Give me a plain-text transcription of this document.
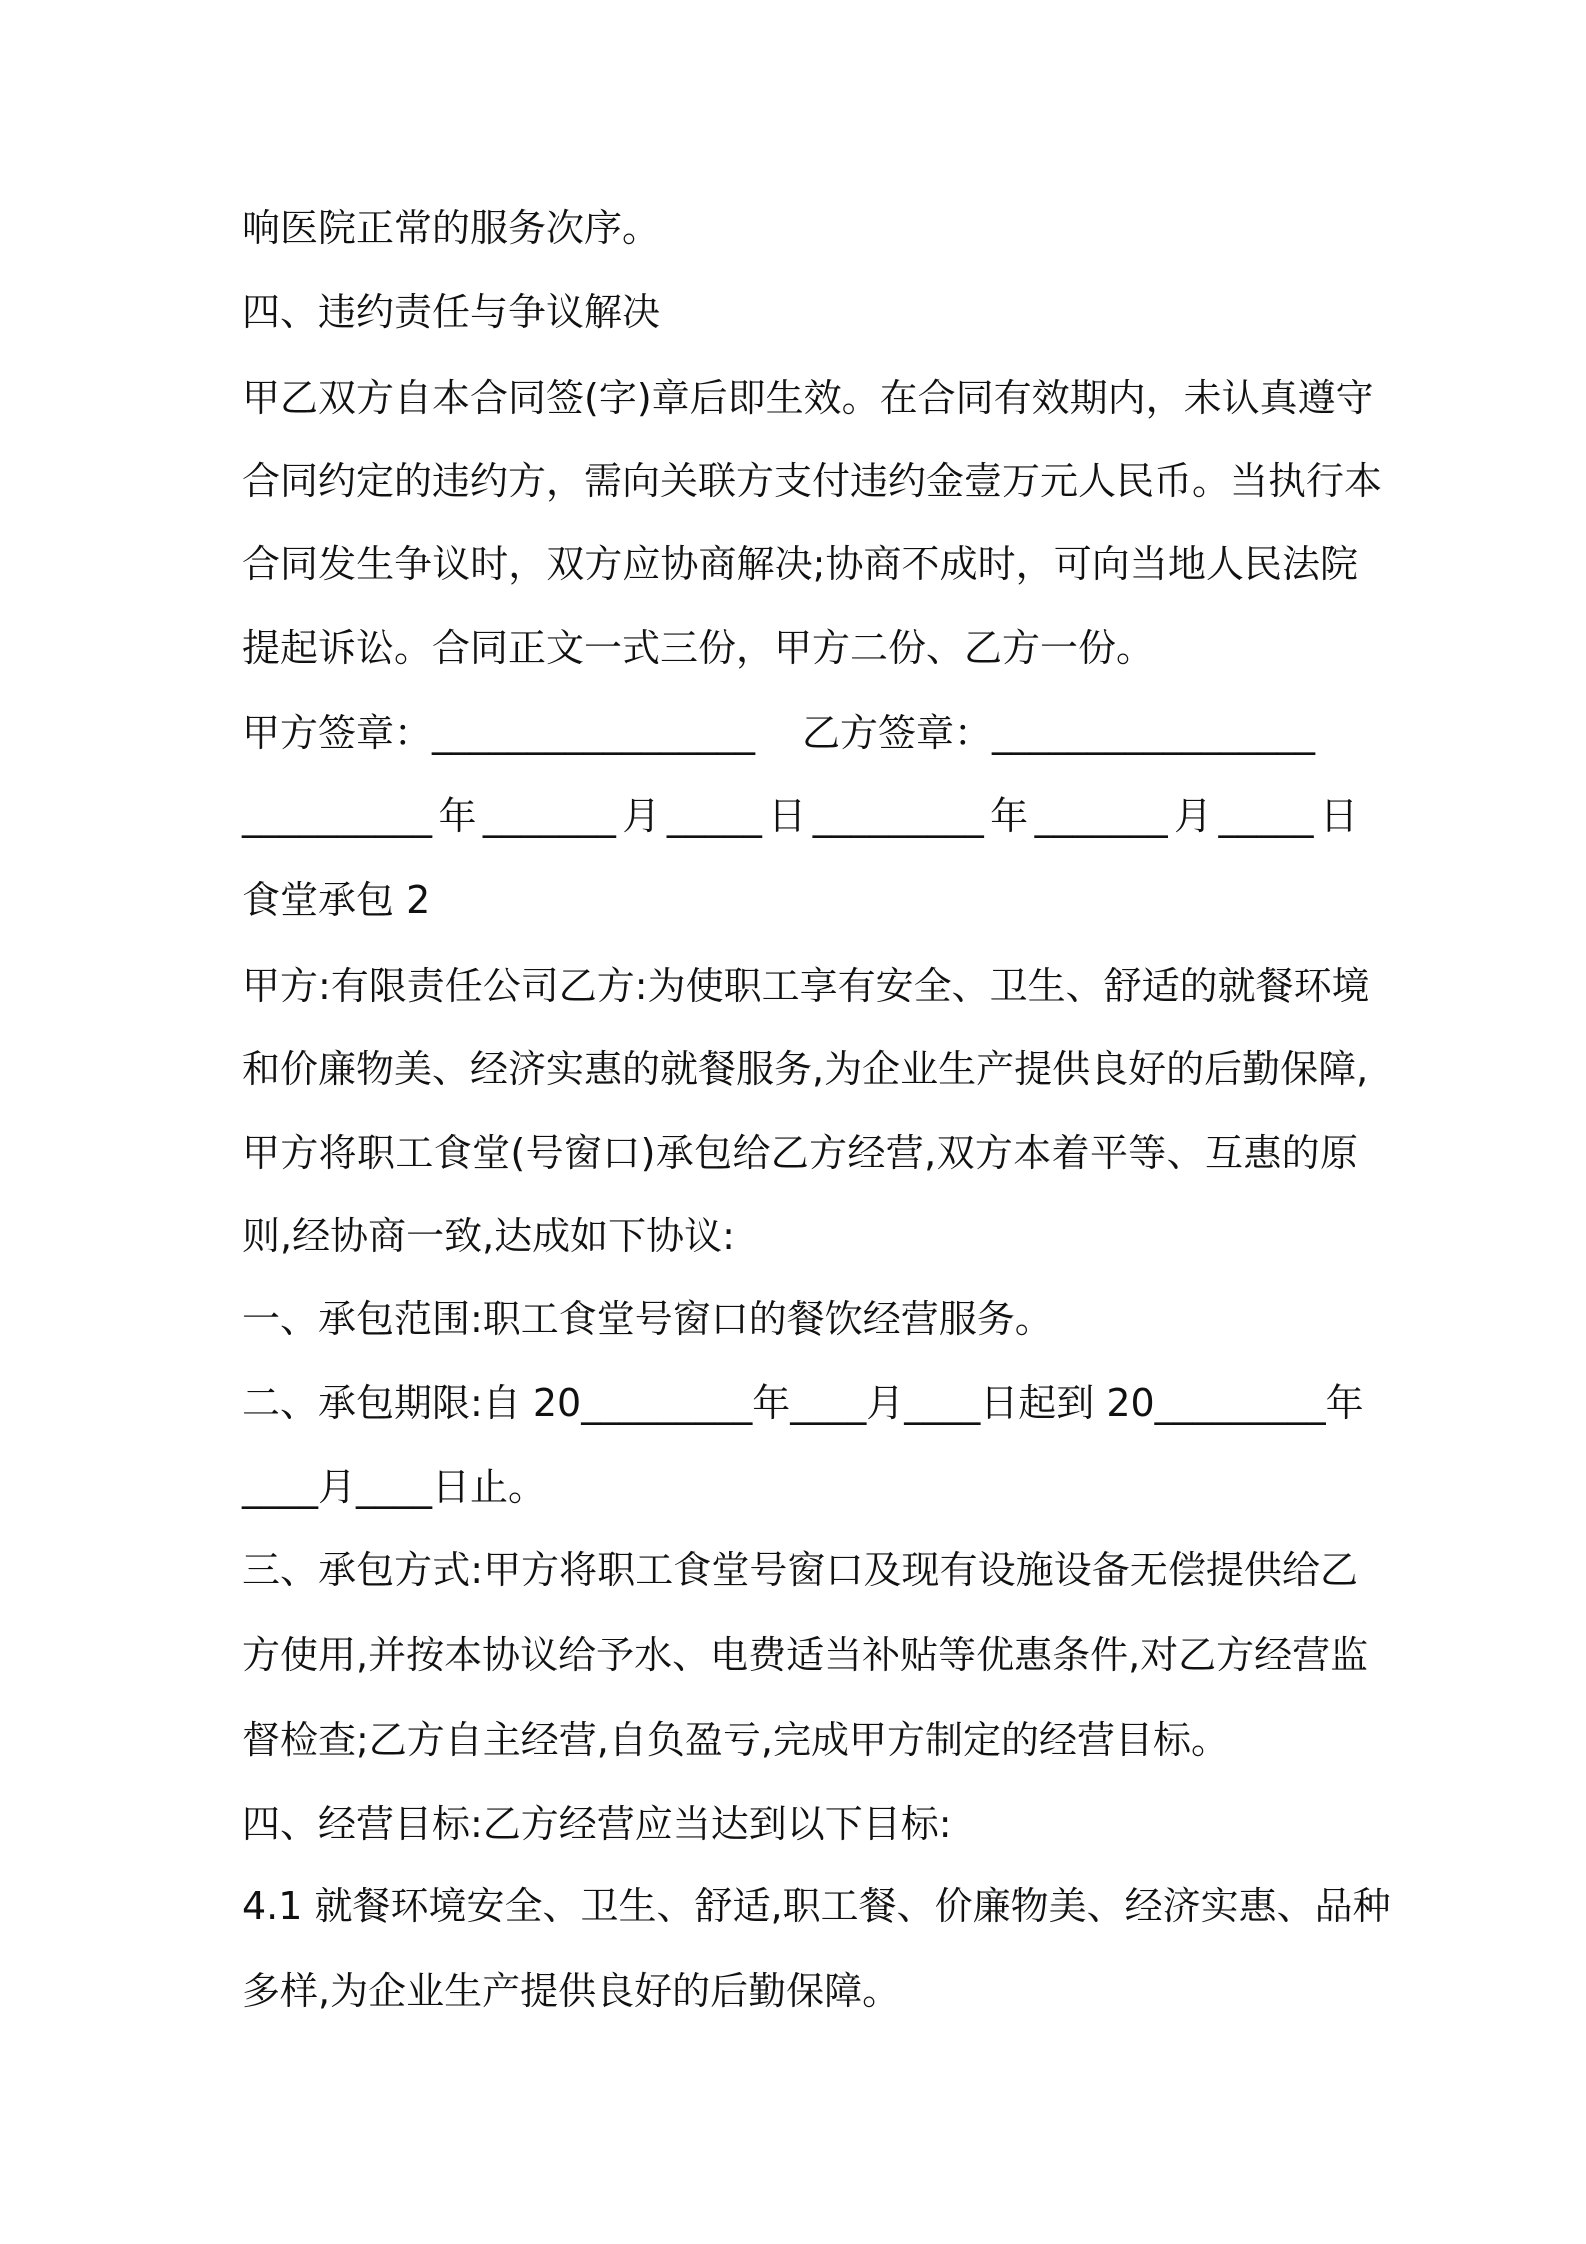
响医院正常的服务次序。
四、违约责任与争议解决
甲乙双方自本合同签(字)章后即生效。在合同有效期内，未认真遵守
合同约定的违约方，需向关联方支付违约金壹万元人民币。当执行本
合同发生争议时，双方应协商解决;协商不成时，可向当地人民法院
提起诉讼。合同正文一式三份，甲方二份、乙方一份。
甲方签章：_________________ 乙方签章：_________________
__________年_______月_____日_________年_______月_____日
食堂承包 2
甲方:有限责任公司乙方:为使职工享有安全、卫生、舒适的就餐环境
和价廉物美、经济实惠的就餐服务,为企业生产提供良好的后勤保障,
甲方将职工食堂(号窗口)承包给乙方经营,双方本着平等、互惠的原
则,经协商一致,达成如下协议:
一、承包范围:职工食堂号窗口的餐饮经营服务。
二、承包期限:自 20_________年____月____日起到 20_________年
____月____日止。
三、承包方式:甲方将职工食堂号窗口及现有设施设备无偿提供给乙
方使用,并按本协议给予水、电费适当补贴等优惠条件,对乙方经营监
督检查;乙方自主经营,自负盈亏,完成甲方制定的经营目标。
四、经营目标:乙方经营应当达到以下目标:
4.1 就餐环境安全、卫生、舒适,职工餐、价廉物美、经济实惠、品种
多样,为企业生产提供良好的后勤保障。
